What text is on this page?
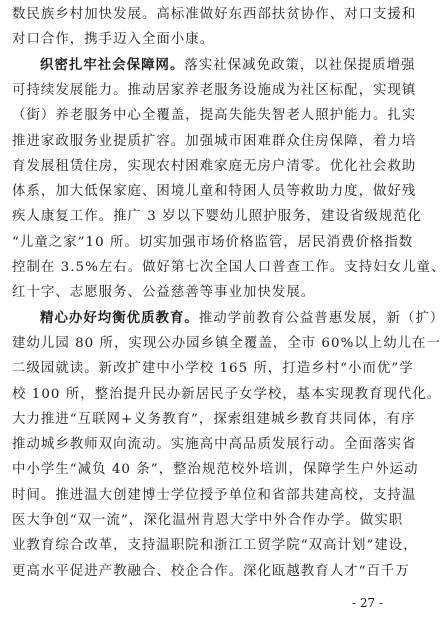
数民族乡村加快发展。高标准做好东西部扶贫协作、对口支援和
对口合作，携手迈入全面小康。
织密扎牢社会保障网。落实社保减免政策，以社保提质增强
可持续发展能力。推动居家养老服务设施成为社区标配，实现镇
（街）养老服务中心全覆盖，提高失能失智老人照护能力。扎实
推进家政服务业提质扩容。加强城市困难群众住房保障，着力培
育发展租赁住房，实现农村困难家庭无房户清零。优化社会救助
体系，加大低保家庭、困境儿童和特困人员等救助力度，做好残
疾人康复工作。推广 3 岁以下婴幼儿照护服务，建设省级规范化
“儿童之家”10 所。切实加强市场价格监管，居民消费价格指数
控制在 3.5%左右。做好第七次全国人口普查工作。支持妇女儿童、
红十字、志愿服务、公益慈善等事业加快发展。
精心办好均衡优质教育。推动学前教育公益普惠发展，新（扩）
建幼儿园 80 所，实现公办园乡镇全覆盖，全市 60%以上幼儿在一
二级园就读。新改扩建中小学校 165 所，打造乡村“小而优”学
校 100 所，整治提升民办新居民子女学校，基本实现教育现代化。
大力推进“互联网+义务教育”，探索组建城乡教育共同体，有序
推动城乡教师双向流动。实施高中高品质发展行动。全面落实省
中小学生“减负 40 条”，整治规范校外培训，保障学生户外运动
时间。推进温大创建博士学位授予单位和省部共建高校，支持温
医大争创“双一流”，深化温州肯恩大学中外合作办学。做实职
业教育综合改革，支持温职院和浙江工贸学院“双高计划”建设，
更高水平促进产教融合、校企合作。深化瓯越教育人才“百千万
- 27 -
